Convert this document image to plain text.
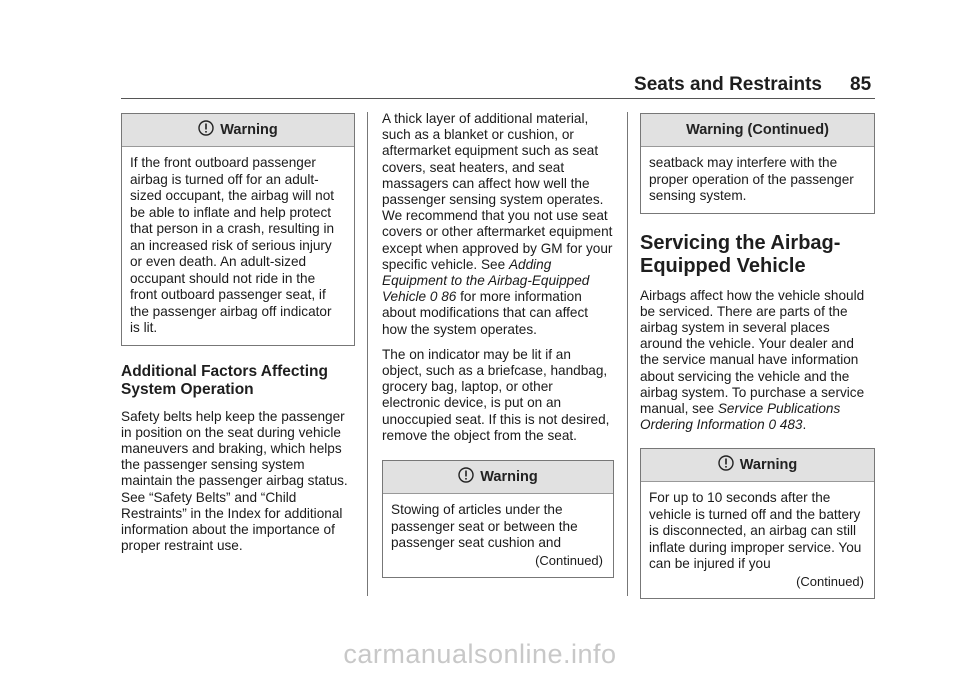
Seats and Restraints 85
Warning
If the front outboard passenger airbag is turned off for an adult-sized occupant, the airbag will not be able to inflate and help protect that person in a crash, resulting in an increased risk of serious injury or even death. An adult-sized occupant should not ride in the front outboard passenger seat, if the passenger airbag off indicator is lit.
Additional Factors Affecting System Operation

Safety belts help keep the passenger in position on the seat during vehicle maneuvers and braking, which helps the passenger sensing system maintain the passenger airbag status. See “Safety Belts” and “Child Restraints” in the Index for additional information about the importance of proper restraint use.

A thick layer of additional material, such as a blanket or cushion, or aftermarket equipment such as seat covers, seat heaters, and seat massagers can affect how well the passenger sensing system operates. We recommend that you not use seat covers or other aftermarket equipment except when approved by GM for your specific vehicle. See Adding Equipment to the Airbag-Equipped Vehicle 0 86 for more information about modifications that can affect how the system operates.

The on indicator may be lit if an object, such as a briefcase, handbag, grocery bag, laptop, or other electronic device, is put on an unoccupied seat. If this is not desired, remove the object from the seat.

Warning
Stowing of articles under the passenger seat or between the passenger seat cushion and
(Continued)
Warning (Continued)
seatback may interfere with the proper operation of the passenger sensing system.
Servicing the Airbag-Equipped Vehicle

Airbags affect how the vehicle should be serviced. There are parts of the airbag system in several places around the vehicle. Your dealer and the service manual have information about servicing the vehicle and the airbag system. To purchase a service manual, see Service Publications Ordering Information 0 483.

Warning
For up to 10 seconds after the vehicle is turned off and the battery is disconnected, an airbag can still inflate during improper service. You can be injured if you
(Continued)
carmanualsonline.info
